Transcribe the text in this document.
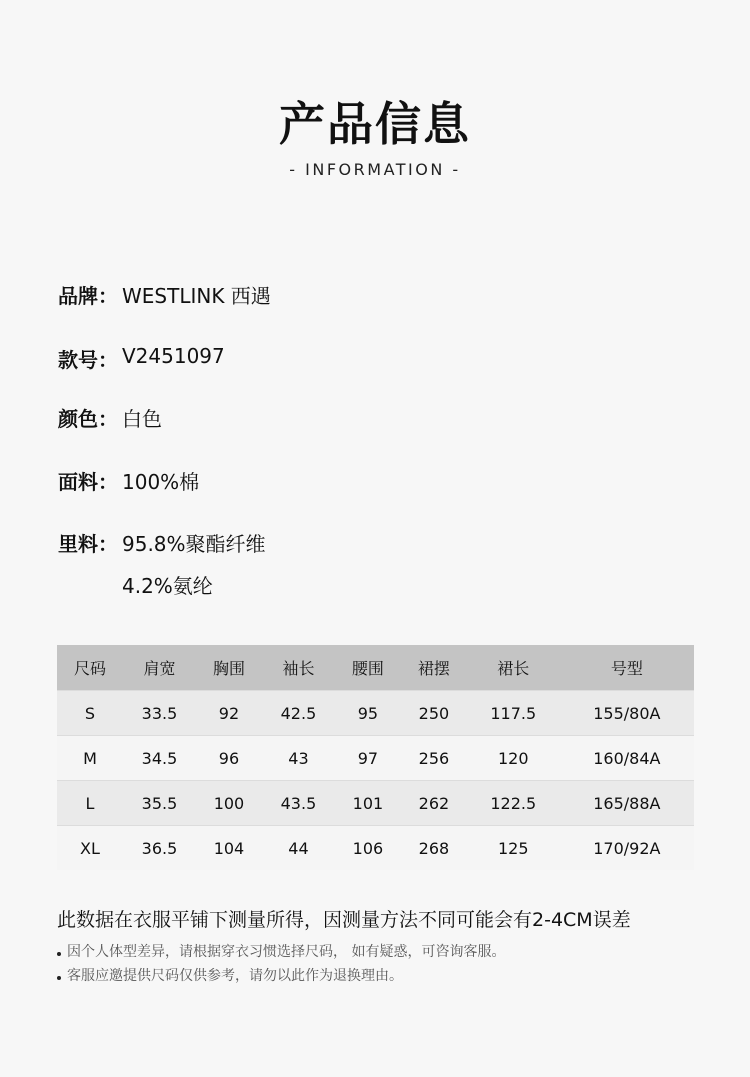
产品信息
- INFORMATION -
品牌： WESTLINK 西遇
款号： V2451097
颜色： 白色
面料： 100%棉
里料： 95.8%聚酯纤维
4.2%氨纶
尺码	肩宽	胸围	袖长	腰围	裙摆	裙长	号型
S	33.5	92	42.5	95	250	117.5	155/80A
M	34.5	96	43	97	256	120	160/84A
L	35.5	100	43.5	101	262	122.5	165/88A
XL	36.5	104	44	106	268	125	170/92A
此数据在衣服平铺下测量所得，因测量方法不同可能会有2-4CM误差
因个人体型差异，请根据穿衣习惯选择尺码， 如有疑惑，可咨询客服。
客服应邀提供尺码仅供参考，请勿以此作为退换理由。
